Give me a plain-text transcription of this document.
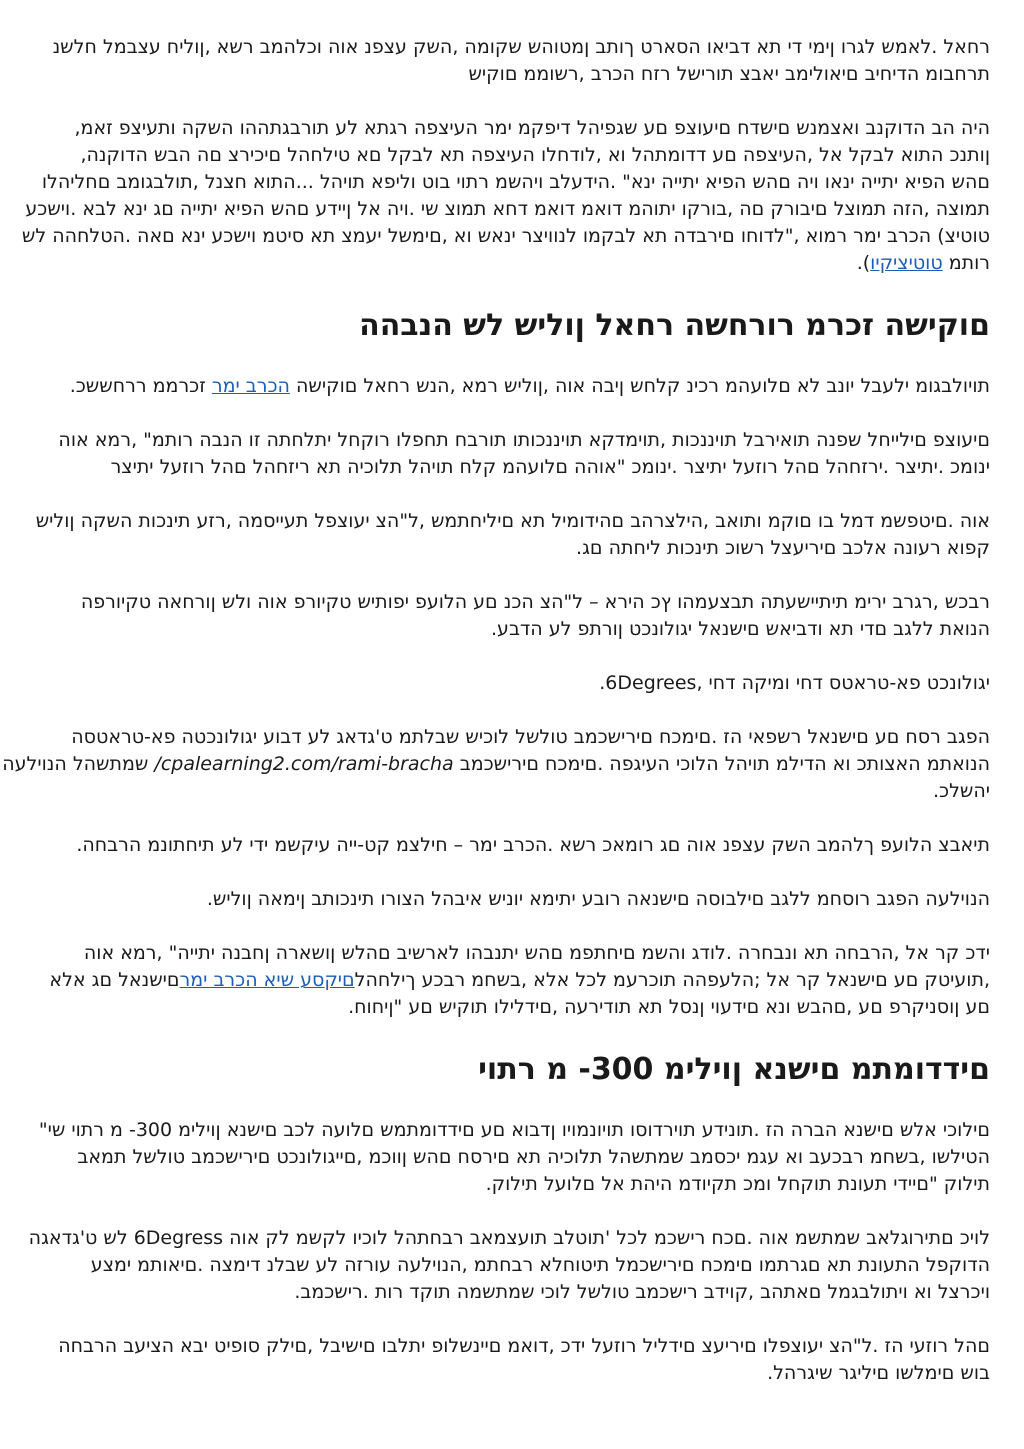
רחאל .לאמש לגרו ןימי די תא דביאו הסארט ךותב ןמטוהש שקומה ,השק עצפנ אוה וכלהמב רשא ,ןוליח עצבמל חלשנ
תרחבומ הדיחיב םיאולימב יאבצ תורישל רזח הכרב ,רשוממ םוקיש

היה הב הדוקנב ואצמנש םישדח םיעוצפ םע שגפיהל דיפקמ ימר העיצפה רגתא לע תורבגתההו השקה ותעיצפ זאמ,
ןותנכ התוא לבקל אל ,העיצפה םע דדומתהל וא ,לודחלו העיצפה תא לבקל םא טילחהל םיכירצ םה הבש הדוקנה,
םהש הפיא יתייה ינאו ויה םהש הפיא יתייה ינא" .הידעלב ויהשמ רתוי בוט וליפא תויהל ...התוא חצנל ,תולבגומב םחליהלו
תמוצה ,הזה תמוצל םיבורק םה ,בורקו יתוהמ דואמ דואמ דחא תמוצ שי .ויה אל ןיידע םהש הפיא יתייה םג ינא לבא .וישכע
טוטיצ) הכרב ימר רמוא ,"לדוחו םירבדה תא לבקמו לנוויצר ינאש וא ,םימשל יעמצ תא סיטמ וישכע ינא םאה .הטלחהה לש
רותמ טוטיציקיו).

םוקישה זכרמ רורחשה רחאל ןוליש לש הנבהה

תויולבגומ ילעבל יונב לא םלועהמ רכינ קלחש ןיבה אוה ,ןוליש רמא ,הנש רחאל םוקישה הכרב ימר זכרממ ררחששכ.

םיעוצפ םילייחל שפנה תואירבל תויננכות ,תוימדקא תויננכותו תורבח תחפלו רוקחל יתלחתה זו הנבה רותמ" ,רמא אוה
ינומכ .יתיצר .ירזחהל םהל רוזעל יתיצר .ינומכ "אוהה םלועהמ קלח תויהל תלוכיה תא ריזחהל םהל רוזעל יתיצר

אוה .םיטפשמ דמל בו םוקמ ותואב ,הילצרהב םהידומיל תא םיליחתמש ,ל"הצ יעוצפל תעייסמה ,רזע תינכות השקה ןוליש
קפוא רעונה אלכב םיריעצל רשוכ תינכות ליחתה םג.

רבכש ,רגרב ירימ תיתיישעתה תבצעמהו ץכ הירא – ל"הצ הכנ םע הלועפ יפותיש טקיורפ אוה ולש ןורחאה טקיורפה
הנואת ללגב םדי תא ודביאש םישנאל יגולונכט ןורתפ לע הדבע.

יגולונכט פא-טראטס דחי ומיקה דחי ,6Degrees.

הפגב רסח םע םישנאל רשפאי הז .םימכח םירישכמב טולשל לוכיש שבלתמ ט'גדאג לע דבוע יגולונכטה פא-טראטסה
הנואתמ האצותכ וא הדילמ תויהל הלוכי העיגפה .םימכח םירישכמב cpalearning2.com/rami-bracha/ שמתשהל הנוילעה
יהשלכ.

תיאבצ הלועפ ךלהמב השק עצפנ אוה םג רומאכ רשא .הכרב ימר – חילצמ קט-ייה עיקשמ ידי לע תיחתונמ הרבחה.

הנוילעה הפגב רוסחמ ללגב םילבוסה םישנאה רובע יתימא יוניש איבהל הצורו תינכותב ןימאה ןוליש.

ידכ קר אל ,הרבחה תא ונבחרה .לודג והשמ םיחתפמ םהש יתנבהו לארשיב םהלש ןושארה ןחבנה יתייה" ,רמא אוה
,תועיטק םע םישנאל קר אל ;הלעפהה תוכרעמ לכל אלא ,בשחמ רבכע ךילחהלםיקסע שיא הכרב ימרםישנאל םג אלא
םע ןוסניקרפ םע ,םהבש ונא םידעוי ןנסל תא תודירעה ,םידלילו תוקיש םע "ןיחוח.

םידדומתמ םישנא ןוילימ 300- מ רתוי

םילוכי אלש םישנא הברה הז .תונידע תוירדוסו תויונמויו ןדבוא םע םידדומתמש םלועה לכב םישנא ןוילימ 300- מ רתוי שי"
הטילשו ,בשחמ רבכעב וא עגמ יכסמב שמתשהל תלוכיה תא םירסח םהש ןווכמ ,םייגולונכט םירישכמב טולשל תמאב
תילוק "םיידי תעונת תוקחל ומכ תקיודמ היהת אל םלועל תילוק.

לויכ םתירוגלאב שמתשמ אוה .םכח רישכמ לכל 'תוטלב תועצמאב רבחתהל לוכיו לקשמ לק אוה 6Degress לש ט'גדאגה
הדוקפל התעונת תא םגרתמו םימכח םירישכמל תיטוחלא רבחתמ ,הנוילעה עורזה לע שבלנ דימצה .םיאותמ ימצע
ויכרצל וא ויתולבגמל םאתהב ,קוידב רישכמב טולשל לוכי שמתשמה תוקד רות .רישכמב.

םהל רוזעי הז .ל"הצ יעוצפלו םיריעצ םידליל רוזעל ידכ ,דואמ םיינשלופ יתלבו םישיבל ,םילק סופיט יבא הציעב הרבחה
בוש םימלשו םיליגר שיגרהל.
